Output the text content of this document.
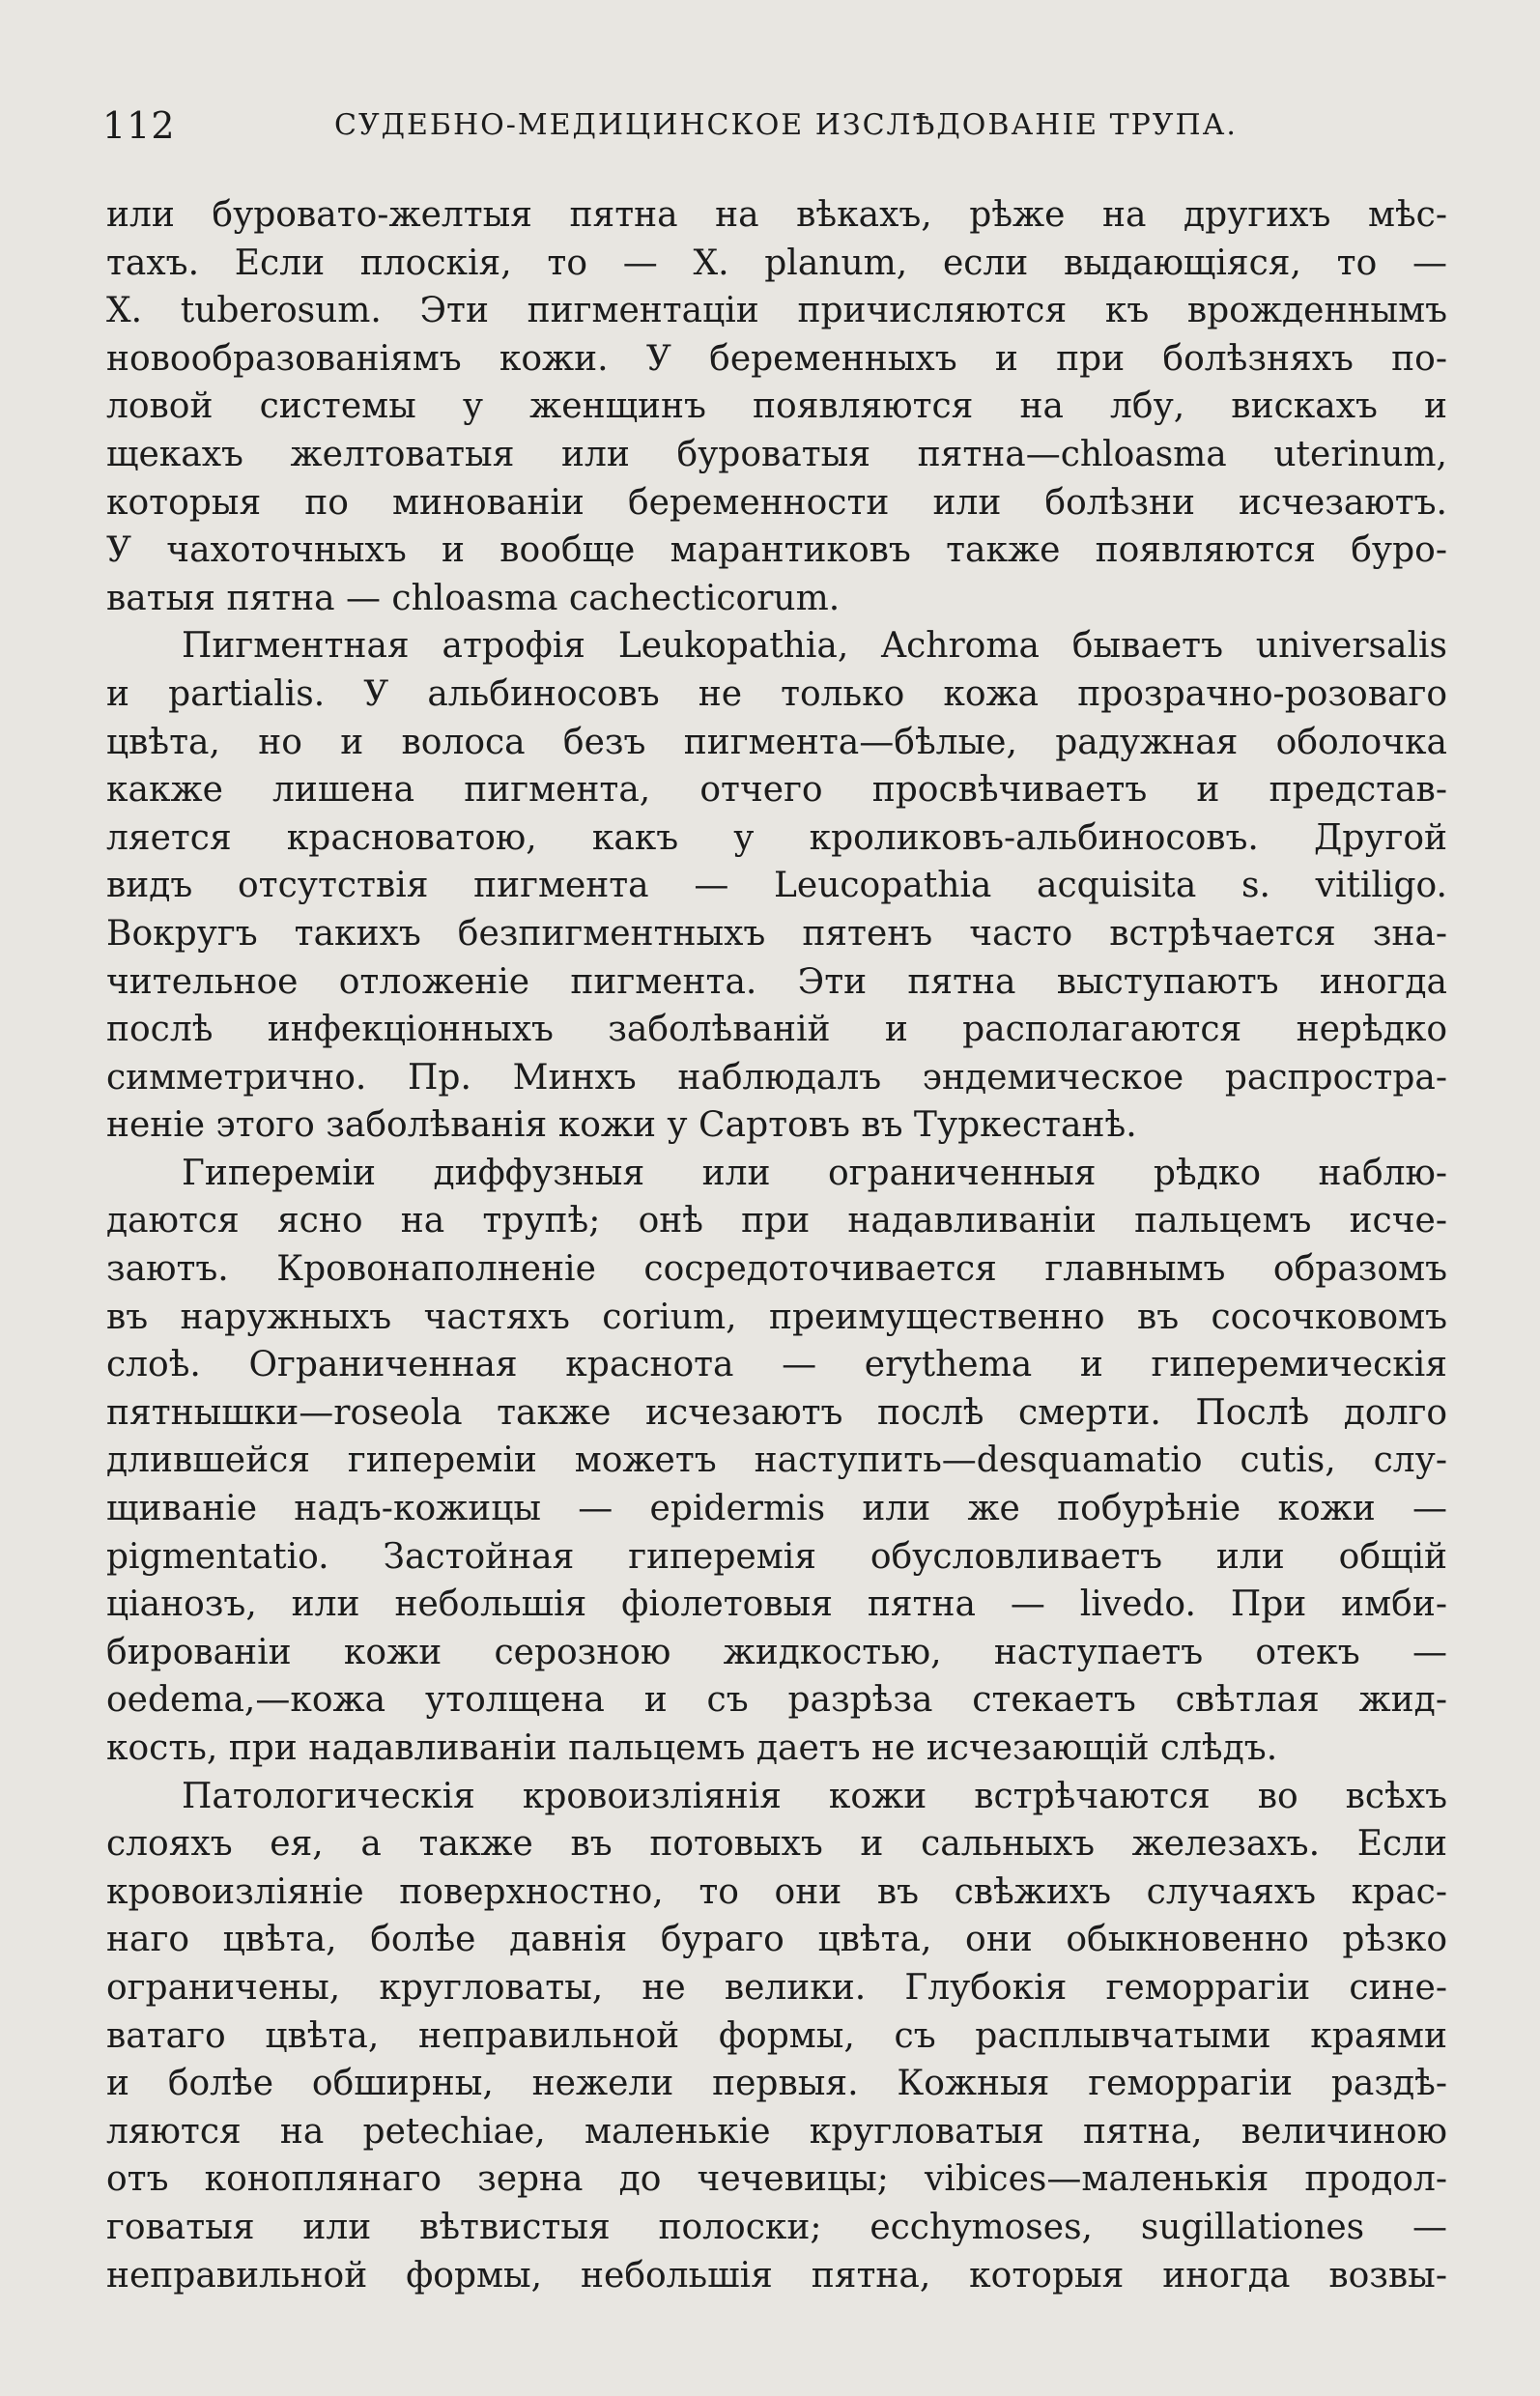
112	СУДЕБНО-МЕДИЦИНСКОЕ ИЗСЛѢДОВАНІЕ ТРУПА.
или буровато-желтыя пятна на вѣкахъ, рѣже на другихъ мѣс-
тахъ. Если плоскія, то — X. planum, если выдающіяся, то —
X. tuberosum. Эти пигментаціи причисляются къ врожденнымъ
новообразованіямъ кожи. У беременныхъ и при болѣзняхъ по-
ловой системы у женщинъ появляются на лбу, вискахъ и
щекахъ желтоватыя или буроватыя пятна—chloasma uterinum,
которыя по минованіи беременности или болѣзни исчезаютъ.
У чахоточныхъ и вообще марантиковъ также появляются буро-
ватыя пятна — chloasma cachecticorum.
Пигментная атрофія Leukopathia, Achroma бываетъ universalis
и partialis. У альбиносовъ не только кожа прозрачно-розоваго
цвѣта, но и волоса безъ пигмента—бѣлые, радужная оболочка
какже лишена пигмента, отчего просвѣчиваетъ и представ-
ляется красноватою, какъ у кроликовъ-альбиносовъ. Другой
видъ отсутствія пигмента — Leucopathia acquisita s. vitiligo.
Вокругъ такихъ безпигментныхъ пятенъ часто встрѣчается зна-
чительное отложеніе пигмента. Эти пятна выступаютъ иногда
послѣ инфекціонныхъ заболѣваній и располагаются нерѣдко
симметрично. Пр. Минхъ наблюдалъ эндемическое распростра-
неніе этого заболѣванія кожи у Сартовъ въ Туркестанѣ.
Гипереміи диффузныя или ограниченныя рѣдко наблю-
даются ясно на трупѣ; онѣ при надавливаніи пальцемъ исче-
заютъ. Кровонаполненіе сосредоточивается главнымъ образомъ
въ наружныхъ частяхъ corium, преимущественно въ сосочковомъ
слоѣ. Ограниченная краснота — erythema и гиперемическія
пятнышки—roseola также исчезаютъ послѣ смерти. Послѣ долго
длившейся гипереміи можетъ наступить—desquamatio cutis, слу-
щиваніе надъ-кожицы — epidermis или же побурѣніе кожи —
pigmentatio. Застойная гиперемія обусловливаетъ или общій
ціанозъ, или небольшія фіолетовыя пятна — livedo. При имби-
бированіи кожи серозною жидкостью, наступаетъ отекъ —
oedema,—кожа утолщена и съ разрѣза стекаетъ свѣтлая жид-
кость, при надавливаніи пальцемъ даетъ не исчезающій слѣдъ.
Патологическія кровоизліянія кожи встрѣчаются во всѣхъ
слояхъ ея, а также въ потовыхъ и сальныхъ железахъ. Если
кровоизліяніе поверхностно, то они въ свѣжихъ случаяхъ крас-
наго цвѣта, болѣе давнія бураго цвѣта, они обыкновенно рѣзко
ограничены, кругловаты, не велики. Глубокія геморрагіи сине-
ватаго цвѣта, неправильной формы, съ расплывчатыми краями
и болѣе обширны, нежели первыя. Кожныя геморрагіи раздѣ-
ляются на petechiae, маленькіе кругловатыя пятна, величиною
отъ коноплянаго зерна до чечевицы; vibices—маленькія продол-
говатыя или вѣтвистыя полоски; ecchymoses, sugillationes —
неправильной формы, небольшія пятна, которыя иногда возвы-
